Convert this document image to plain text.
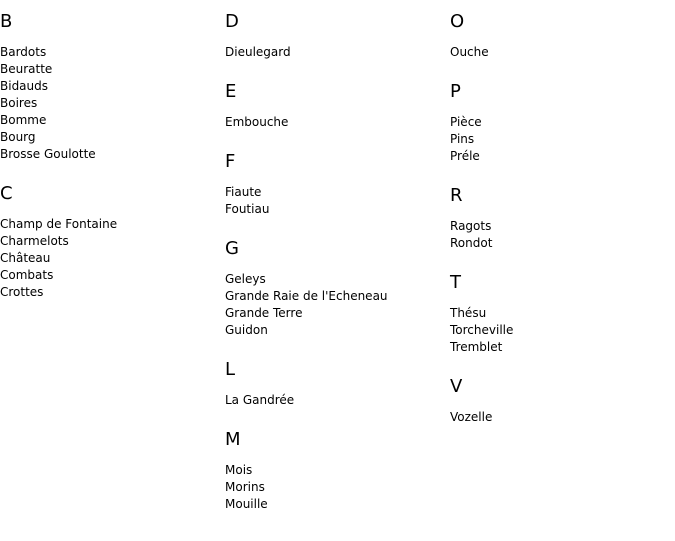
B
Bardots
Beuratte
Bidauds
Boires
Bomme
Bourg
Brosse Goulotte
C
Champ de Fontaine
Charmelots
Château
Combats
Crottes
D
Dieulegard
E
Embouche
F
Fiaute
Foutiau
G
Geleys
Grande Raie de l'Echeneau
Grande Terre
Guidon
L
La Gandrée
M
Mois
Morins
Mouille
O
Ouche
P
Pièce
Pins
Préle
R
Ragots
Rondot
T
Thésu
Torcheville
Tremblet
V
Vozelle
